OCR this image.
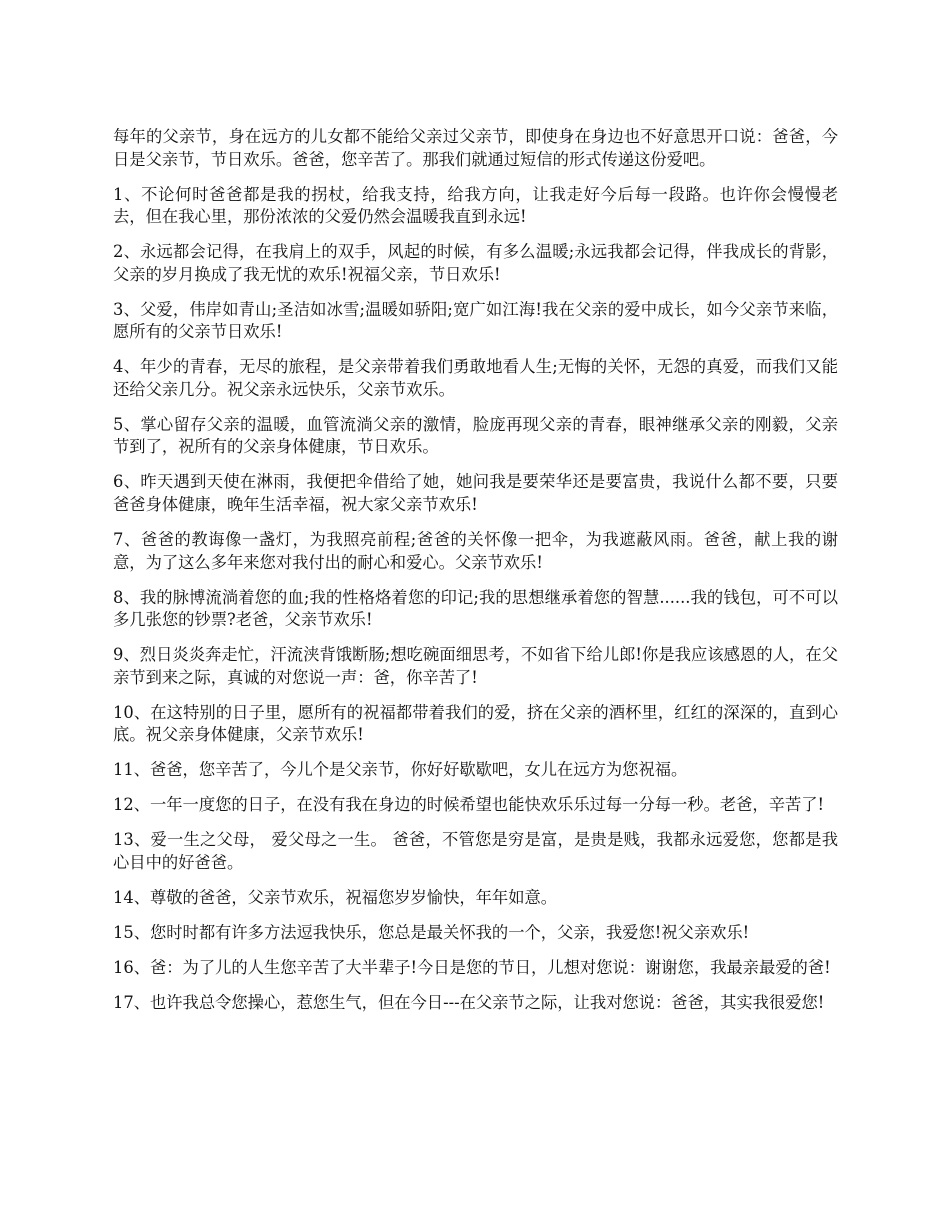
每年的父亲节，身在远方的儿女都不能给父亲过父亲节，即使身在身边也不好意思开口说：爸爸，今日是父亲节，节日欢乐。爸爸，您辛苦了。那我们就通过短信的形式传递这份爱吧。

1、不论何时爸爸都是我的拐杖，给我支持，给我方向，让我走好今后每一段路。也许你会慢慢老去，但在我心里，那份浓浓的父爱仍然会温暖我直到永远!

2、永远都会记得，在我肩上的双手，风起的时候，有多么温暖;永远我都会记得，伴我成长的背影，父亲的岁月换成了我无忧的欢乐!祝福父亲，节日欢乐!

3、父爱，伟岸如青山;圣洁如冰雪;温暖如骄阳;宽广如江海!我在父亲的爱中成长，如今父亲节来临，愿所有的父亲节日欢乐!

4、年少的青春，无尽的旅程，是父亲带着我们勇敢地看人生;无悔的关怀，无怨的真爱，而我们又能还给父亲几分。祝父亲永远快乐，父亲节欢乐。

5、掌心留存父亲的温暖，血管流淌父亲的激情，脸庞再现父亲的青春，眼神继承父亲的刚毅，父亲节到了，祝所有的父亲身体健康，节日欢乐。

6、昨天遇到天使在淋雨，我便把伞借给了她，她问我是要荣华还是要富贵，我说什么都不要，只要爸爸身体健康，晚年生活幸福，祝大家父亲节欢乐!

7、爸爸的教诲像一盏灯，为我照亮前程;爸爸的关怀像一把伞，为我遮蔽风雨。爸爸，献上我的谢意，为了这么多年来您对我付出的耐心和爱心。父亲节欢乐!

8、我的脉博流淌着您的血;我的性格烙着您的印记;我的思想继承着您的智慧......我的钱包，可不可以多几张您的钞票?老爸，父亲节欢乐!

9、烈日炎炎奔走忙，汗流浃背饿断肠;想吃碗面细思考，不如省下给儿郎!你是我应该感恩的人，在父亲节到来之际，真诚的对您说一声：爸，你辛苦了!

10、在这特别的日子里，愿所有的祝福都带着我们的爱，挤在父亲的酒杯里，红红的深深的，直到心底。祝父亲身体健康，父亲节欢乐!

11、爸爸，您辛苦了，今儿个是父亲节，你好好歇歇吧，女儿在远方为您祝福。

12、一年一度您的日子，在没有我在身边的时候希望也能快欢乐乐过每一分每一秒。老爸，辛苦了!

13、爱一生之父母， 爱父母之一生。 爸爸，不管您是穷是富，是贵是贱，我都永远爱您，您都是我心目中的好爸爸。

14、尊敬的爸爸，父亲节欢乐，祝福您岁岁愉快，年年如意。

15、您时时都有许多方法逗我快乐，您总是最关怀我的一个，父亲，我爱您!祝父亲欢乐!

16、爸：为了儿的人生您辛苦了大半辈子!今日是您的节日，儿想对您说：谢谢您，我最亲最爱的爸!

17、也许我总令您操心，惹您生气，但在今日---在父亲节之际，让我对您说：爸爸，其实我很爱您!
